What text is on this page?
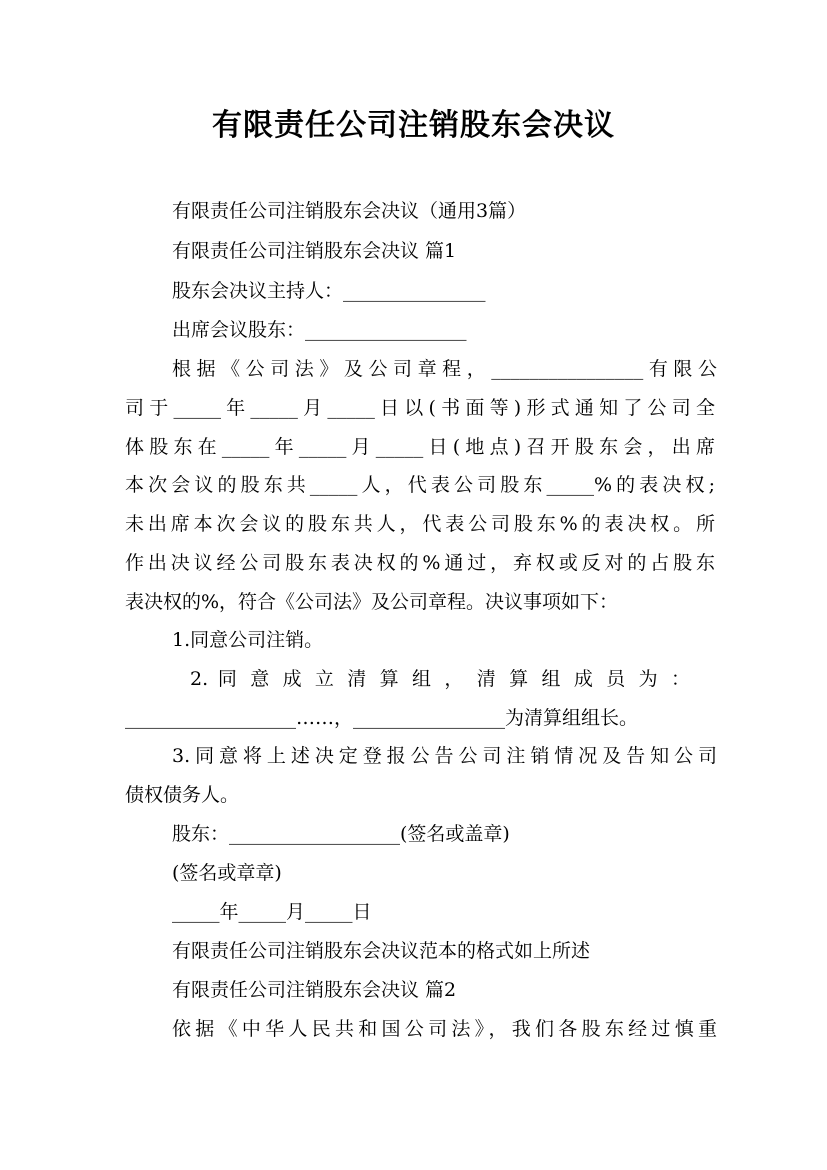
有限责任公司注销股东会决议
有限责任公司注销股东会决议（通用3篇）
有限责任公司注销股东会决议 篇1
股东会决议主持人：_______________
出席会议股东：_________________
根据《公司法》及公司章程，________________有限公
司于_____年_____月_____日以(书面等)形式通知了公司全
体股东在_____年_____月_____日(地点)召开股东会，出席
本次会议的股东共_____人，代表公司股东_____%的表决权;
未出席本次会议的股东共人，代表公司股东%的表决权。所
作出决议经公司股东表决权的%通过，弃权或反对的占股东
表决权的%，符合《公司法》及公司章程。决议事项如下：
1.同意公司注销。
2. 同 意 成 立 清 算 组 ， 清 算 组 成 员 为 ：
__________________……，________________为清算组组长。
3.同意将上述决定登报公告公司注销情况及告知公司
债权债务人。
股东：__________________(签名或盖章)
(签名或章章)
_____年_____月_____日
有限责任公司注销股东会决议范本的格式如上所述
有限责任公司注销股东会决议 篇2
依据《中华人民共和国公司法》，我们各股东经过慎重
